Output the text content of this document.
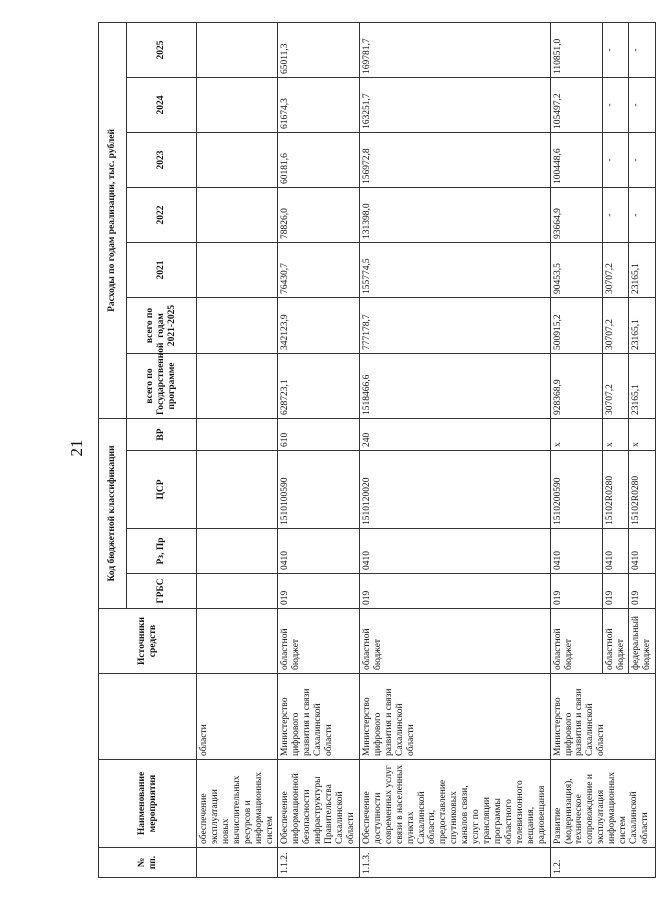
21
№ пп.	Наименование мероприятия		Источники средств	Код бюджетной классификации				Расходы по годам реализации, тыс. рублей						
				ГРБС	Рз, Пр	ЦСР	ВР	всего по Государственной программе	всего по годам 2021-2025	2021	2022	2023	2024	2025
	обеспечение эксплуатации новых вычислительных ресурсов и информационных систем	области												
1.1.2.	Обеспечение информационной безопасности инфраструктуры Правительства Сахалинской области	Министерство цифрового развития и связи Сахалинской области	областной бюджет	019	0410	1510100590	610	628723,1	342123,9	76430,7	78826,0	60181,6	61674,3	65011,3
1.1.3.	Обеспечение доступности современных услуг связи в населенных пунктах Сахалинской области, предоставление спутниковых каналов связи, услуг по трансляции программы областного телевизионного вещания, радиовещания	Министерство цифрового развития и связи Сахалинской области	областной бюджет	019	0410	1510120020	240	1518466,6	777178,7	155774,5	131398,0	156972,8	163251,7	169781,7
1.2.	Развитие (модернизация), техническое сопровождение и эксплуатация информационных систем Сахалинской области	Министерство цифрового развития и связи Сахалинской области	областной бюджет	019	0410	1510200590	х	928368,9	500915,2	90453,5	93664,9	100448,6	105497,2	110851,0
			областной бюджет	019	0410	15102R0280	х	30707,2	30707,2	30707,2	-	-	-	-
			федеральный бюджет	019	0410	15102R0280	х	23165,1	23165,1	23165,1	-	-	-	-
